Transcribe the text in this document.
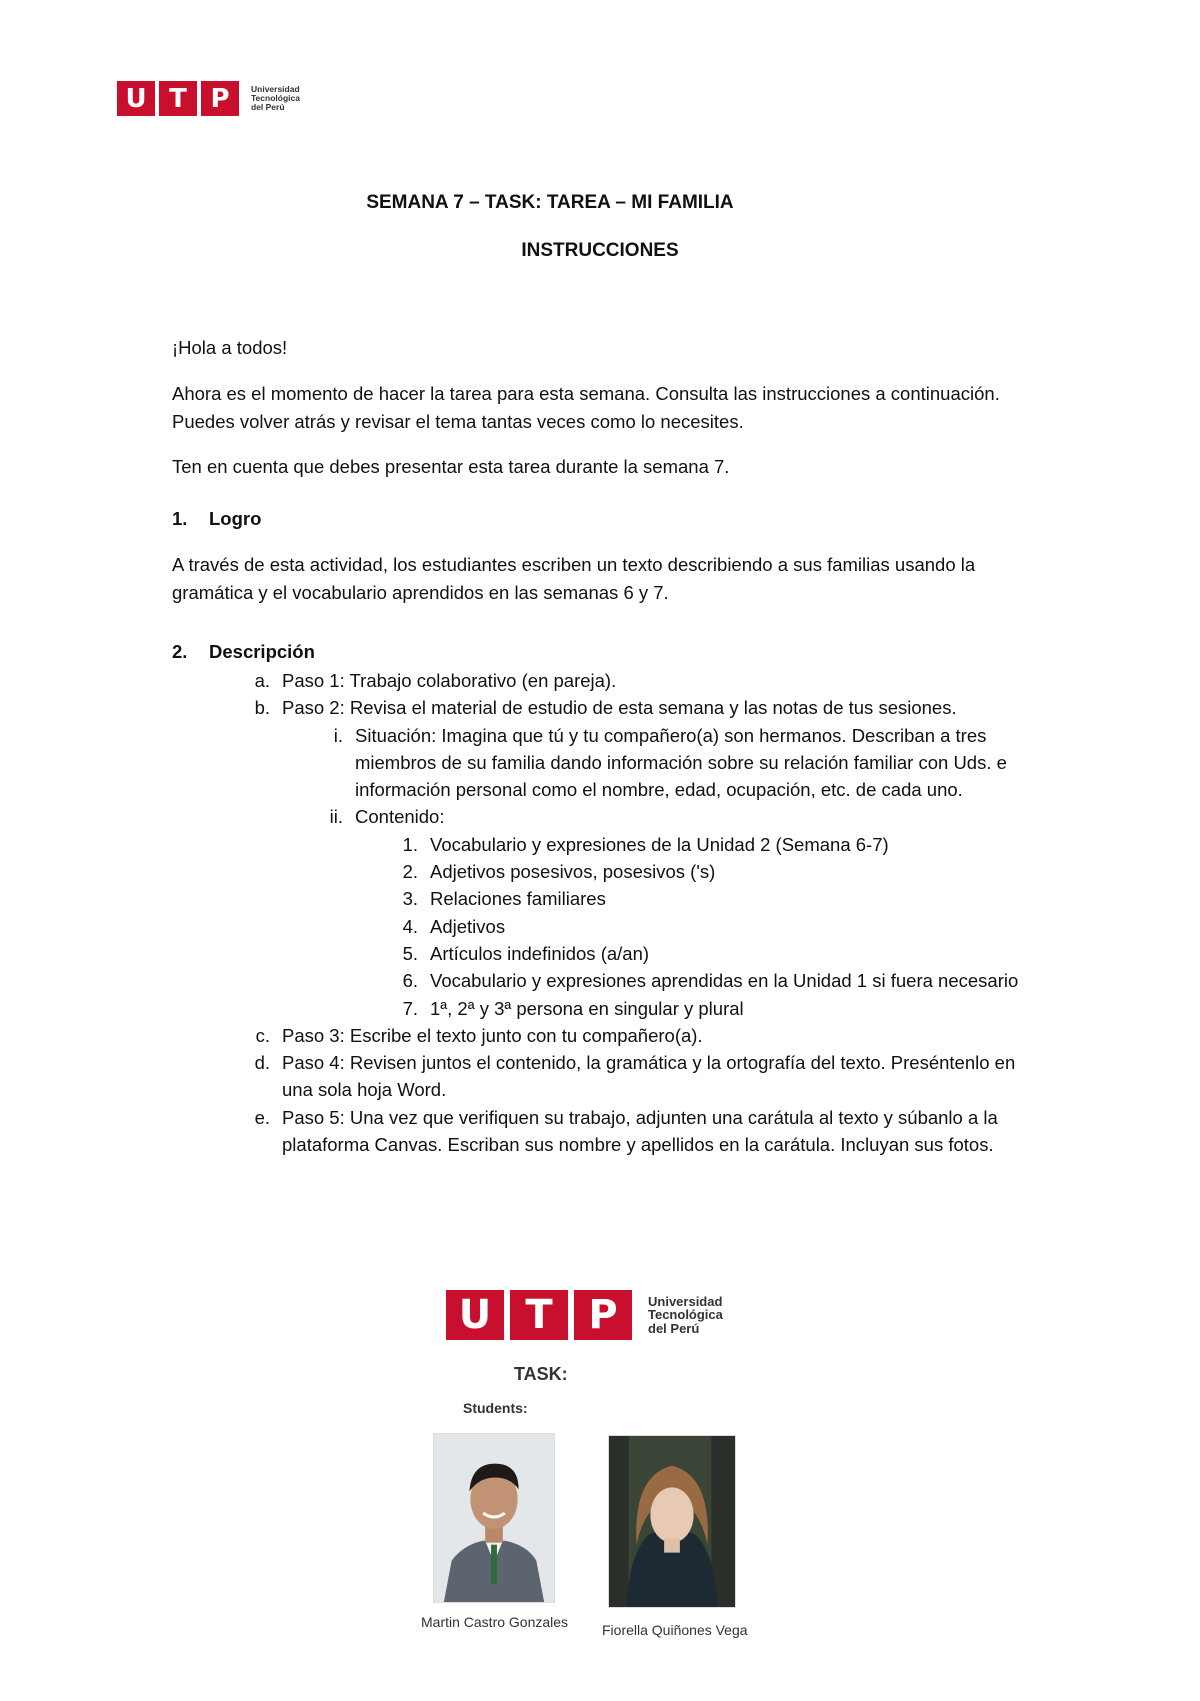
U T P	Universidad
Tecnológica
del Perú
SEMANA 7 – TASK: TAREA – MI FAMILIA
INSTRUCCIONES
¡Hola a todos!
Ahora es el momento de hacer la tarea para esta semana. Consulta las instrucciones a continuación. Puedes volver atrás y revisar el tema tantas veces como lo necesites.
Ten en cuenta que debes presentar esta tarea durante la semana 7.
1. Logro
A través de esta actividad, los estudiantes escriben un texto describiendo a sus familias usando la gramática y el vocabulario aprendidos en las semanas 6 y 7.
2. Descripción
a. Paso 1: Trabajo colaborativo (en pareja).
b. Paso 2: Revisa el material de estudio de esta semana y las notas de tus sesiones.
i. Situación: Imagina que tú y tu compañero(a) son hermanos. Describan a tres miembros de su familia dando información sobre su relación familiar con Uds. e información personal como el nombre, edad, ocupación, etc. de cada uno.
ii. Contenido:
1. Vocabulario y expresiones de la Unidad 2 (Semana 6-7)
2. Adjetivos posesivos, posesivos ('s)
3. Relaciones familiares
4. Adjetivos
5. Artículos indefinidos (a/an)
6. Vocabulario y expresiones aprendidas en la Unidad 1 si fuera necesario
7. 1ª, 2ª y 3ª persona en singular y plural
c. Paso 3: Escribe el texto junto con tu compañero(a).
d. Paso 4: Revisen juntos el contenido, la gramática y la ortografía del texto. Preséntenlo en una sola hoja Word.
e. Paso 5: Una vez que verifiquen su trabajo, adjunten una carátula al texto y súbanlo a la plataforma Canvas. Escriban sus nombre y apellidos en la carátula. Incluyan sus fotos.
U T P	Universidad
Tecnológica
del Perú
TASK:
Students:
Martin Castro Gonzales Fiorella Quiñones Vega
